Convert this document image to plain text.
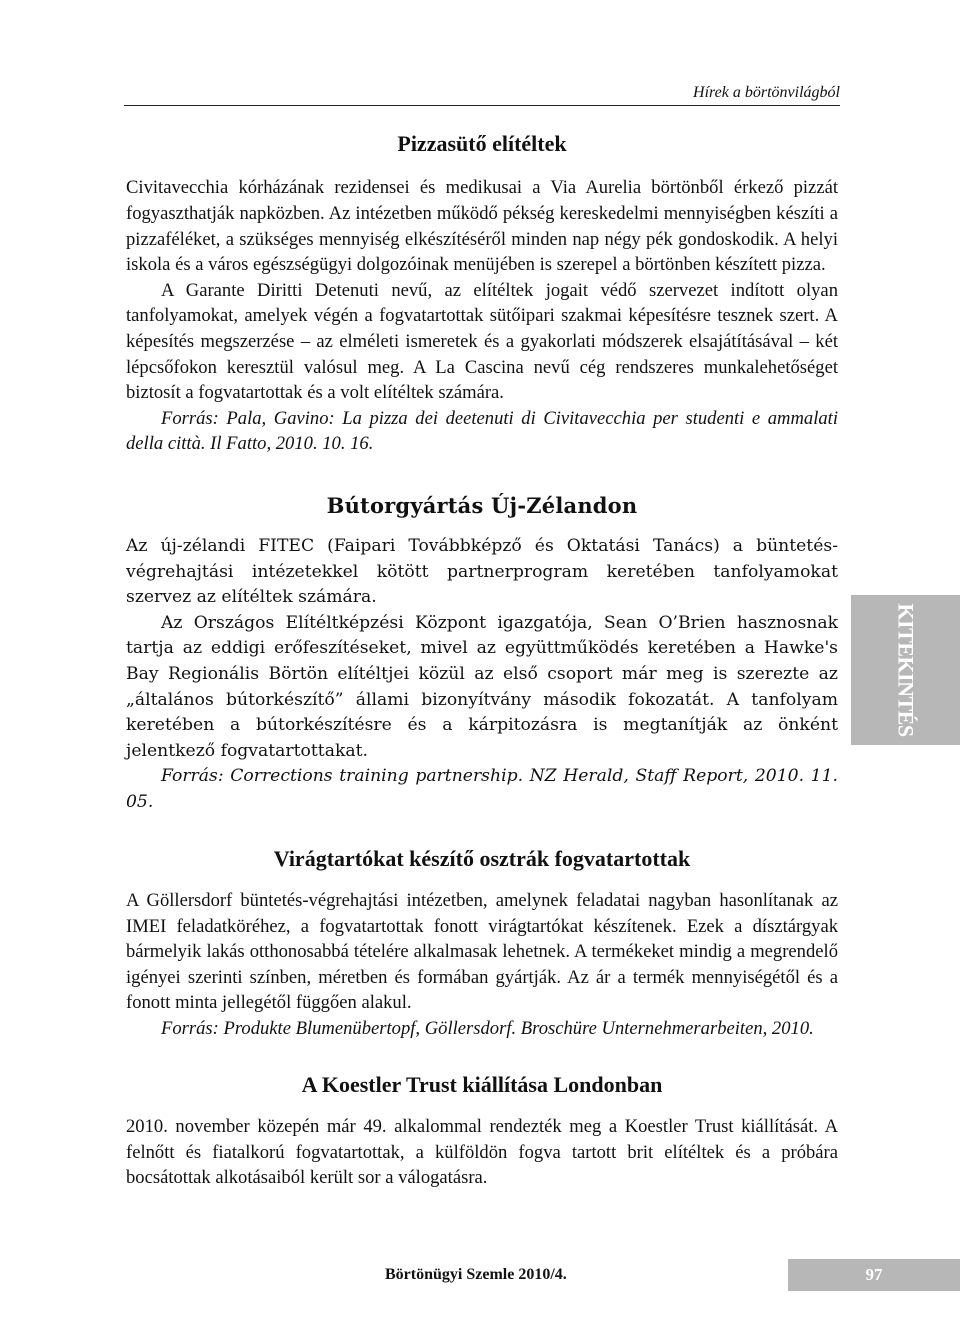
Hírek a börtönvilágból
Pizzasütő elítéltek

Civitavecchia kórházának rezidensei és medikusai a Via Aurelia börtönből érkező pizzát fogyaszthatják napközben. Az intézetben működő pékség kereskedelmi mennyiségben készíti a pizzaféléket, a szükséges mennyiség elkészítéséről minden nap négy pék gondoskodik. A helyi iskola és a város egészségügyi dolgozóinak menüjében is szerepel a börtönben készített pizza.

A Garante Diritti Detenuti nevű, az elítéltek jogait védő szervezet indított olyan tanfolyamokat, amelyek végén a fogvatartottak sütőipari szakmai képesítésre tesznek szert. A képesítés megszerzése – az elméleti ismeretek és a gyakorlati módszerek elsajátításával – két lépcsőfokon keresztül valósul meg. A La Cascina nevű cég rendszeres munkalehetőséget biztosít a fogvatartottak és a volt elítéltek számára.

Forrás: Pala, Gavino: La pizza dei deetenuti di Civitavecchia per studenti e ammalati della città. Il Fatto, 2010. 10. 16.

Bútorgyártás Új-Zélandon

Az új-zélandi FITEC (Faipari Továbbképző és Oktatási Tanács) a büntetés-végrehajtási intézetekkel kötött partnerprogram keretében tanfolyamokat szervez az elítéltek számára.

Az Országos Elítéltképzési Központ igazgatója, Sean O’Brien hasznosnak tartja az eddigi erőfeszítéseket, mivel az együttműködés keretében a Hawke's Bay Regionális Börtön elítéltjei közül az első csoport már meg is szerezte az „általános bútorkészítő” állami bizonyítvány második fokozatát. A tanfolyam keretében a bútorkészítésre és a kárpitozásra is megtanítják az önként jelentkező fogvatartottakat.

Forrás: Corrections training partnership. NZ Herald, Staff Report, 2010. 11. 05.

Virágtartókat készítő osztrák fogvatartottak

A Göllersdorf büntetés-végrehajtási intézetben, amelynek feladatai nagyban hasonlítanak az IMEI feladatköréhez, a fogvatartottak fonott virágtartókat készítenek. Ezek a dísztárgyak bármelyik lakás otthonosabbá tételére alkalmasak lehetnek. A termékeket mindig a megrendelő igényei szerinti színben, méretben és formában gyártják. Az ár a termék mennyiségétől és a fonott minta jellegétől függően alakul.

Forrás: Produkte Blumenübertopf, Göllersdorf. Broschüre Unternehmerarbeiten, 2010.

A Koestler Trust kiállítása Londonban

2010. november közepén már 49. alkalommal rendezték meg a Koestler Trust kiállítását. A felnőtt és fiatalkorú fogvatartottak, a külföldön fogva tartott brit elítéltek és a próbára bocsátottak alkotásaiból került sor a válogatásra.

KITEKINTÉS
Börtönügyi Szemle 2010/4.	97
